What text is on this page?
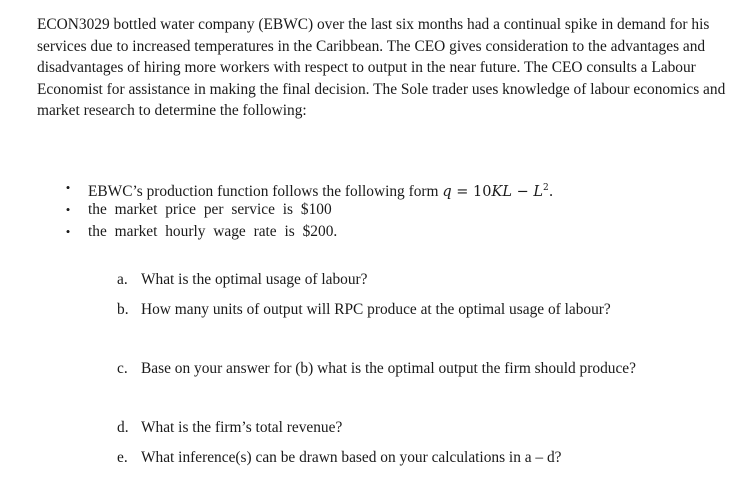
ECON3029 bottled water company (EBWC) over the last six months had a continual spike in demand for his services due to increased temperatures in the Caribbean. The CEO gives consideration to the advantages and disadvantages of hiring more workers with respect to output in the near future. The CEO consults a Labour Economist for assistance in making the final decision. The Sole trader uses knowledge of labour economics and market research to determine the following:

• EBWC’s production function follows the following form $q = 10KL - L^2$.
• the market price per service is $100
• the market hourly wage rate is $200.
a. What is the optimal usage of labour?
b. How many units of output will RPC produce at the optimal usage of labour?
c. Base on your answer for (b) what is the optimal output the firm should produce?
d. What is the firm’s total revenue?
e. What inference(s) can be drawn based on your calculations in a – d?
